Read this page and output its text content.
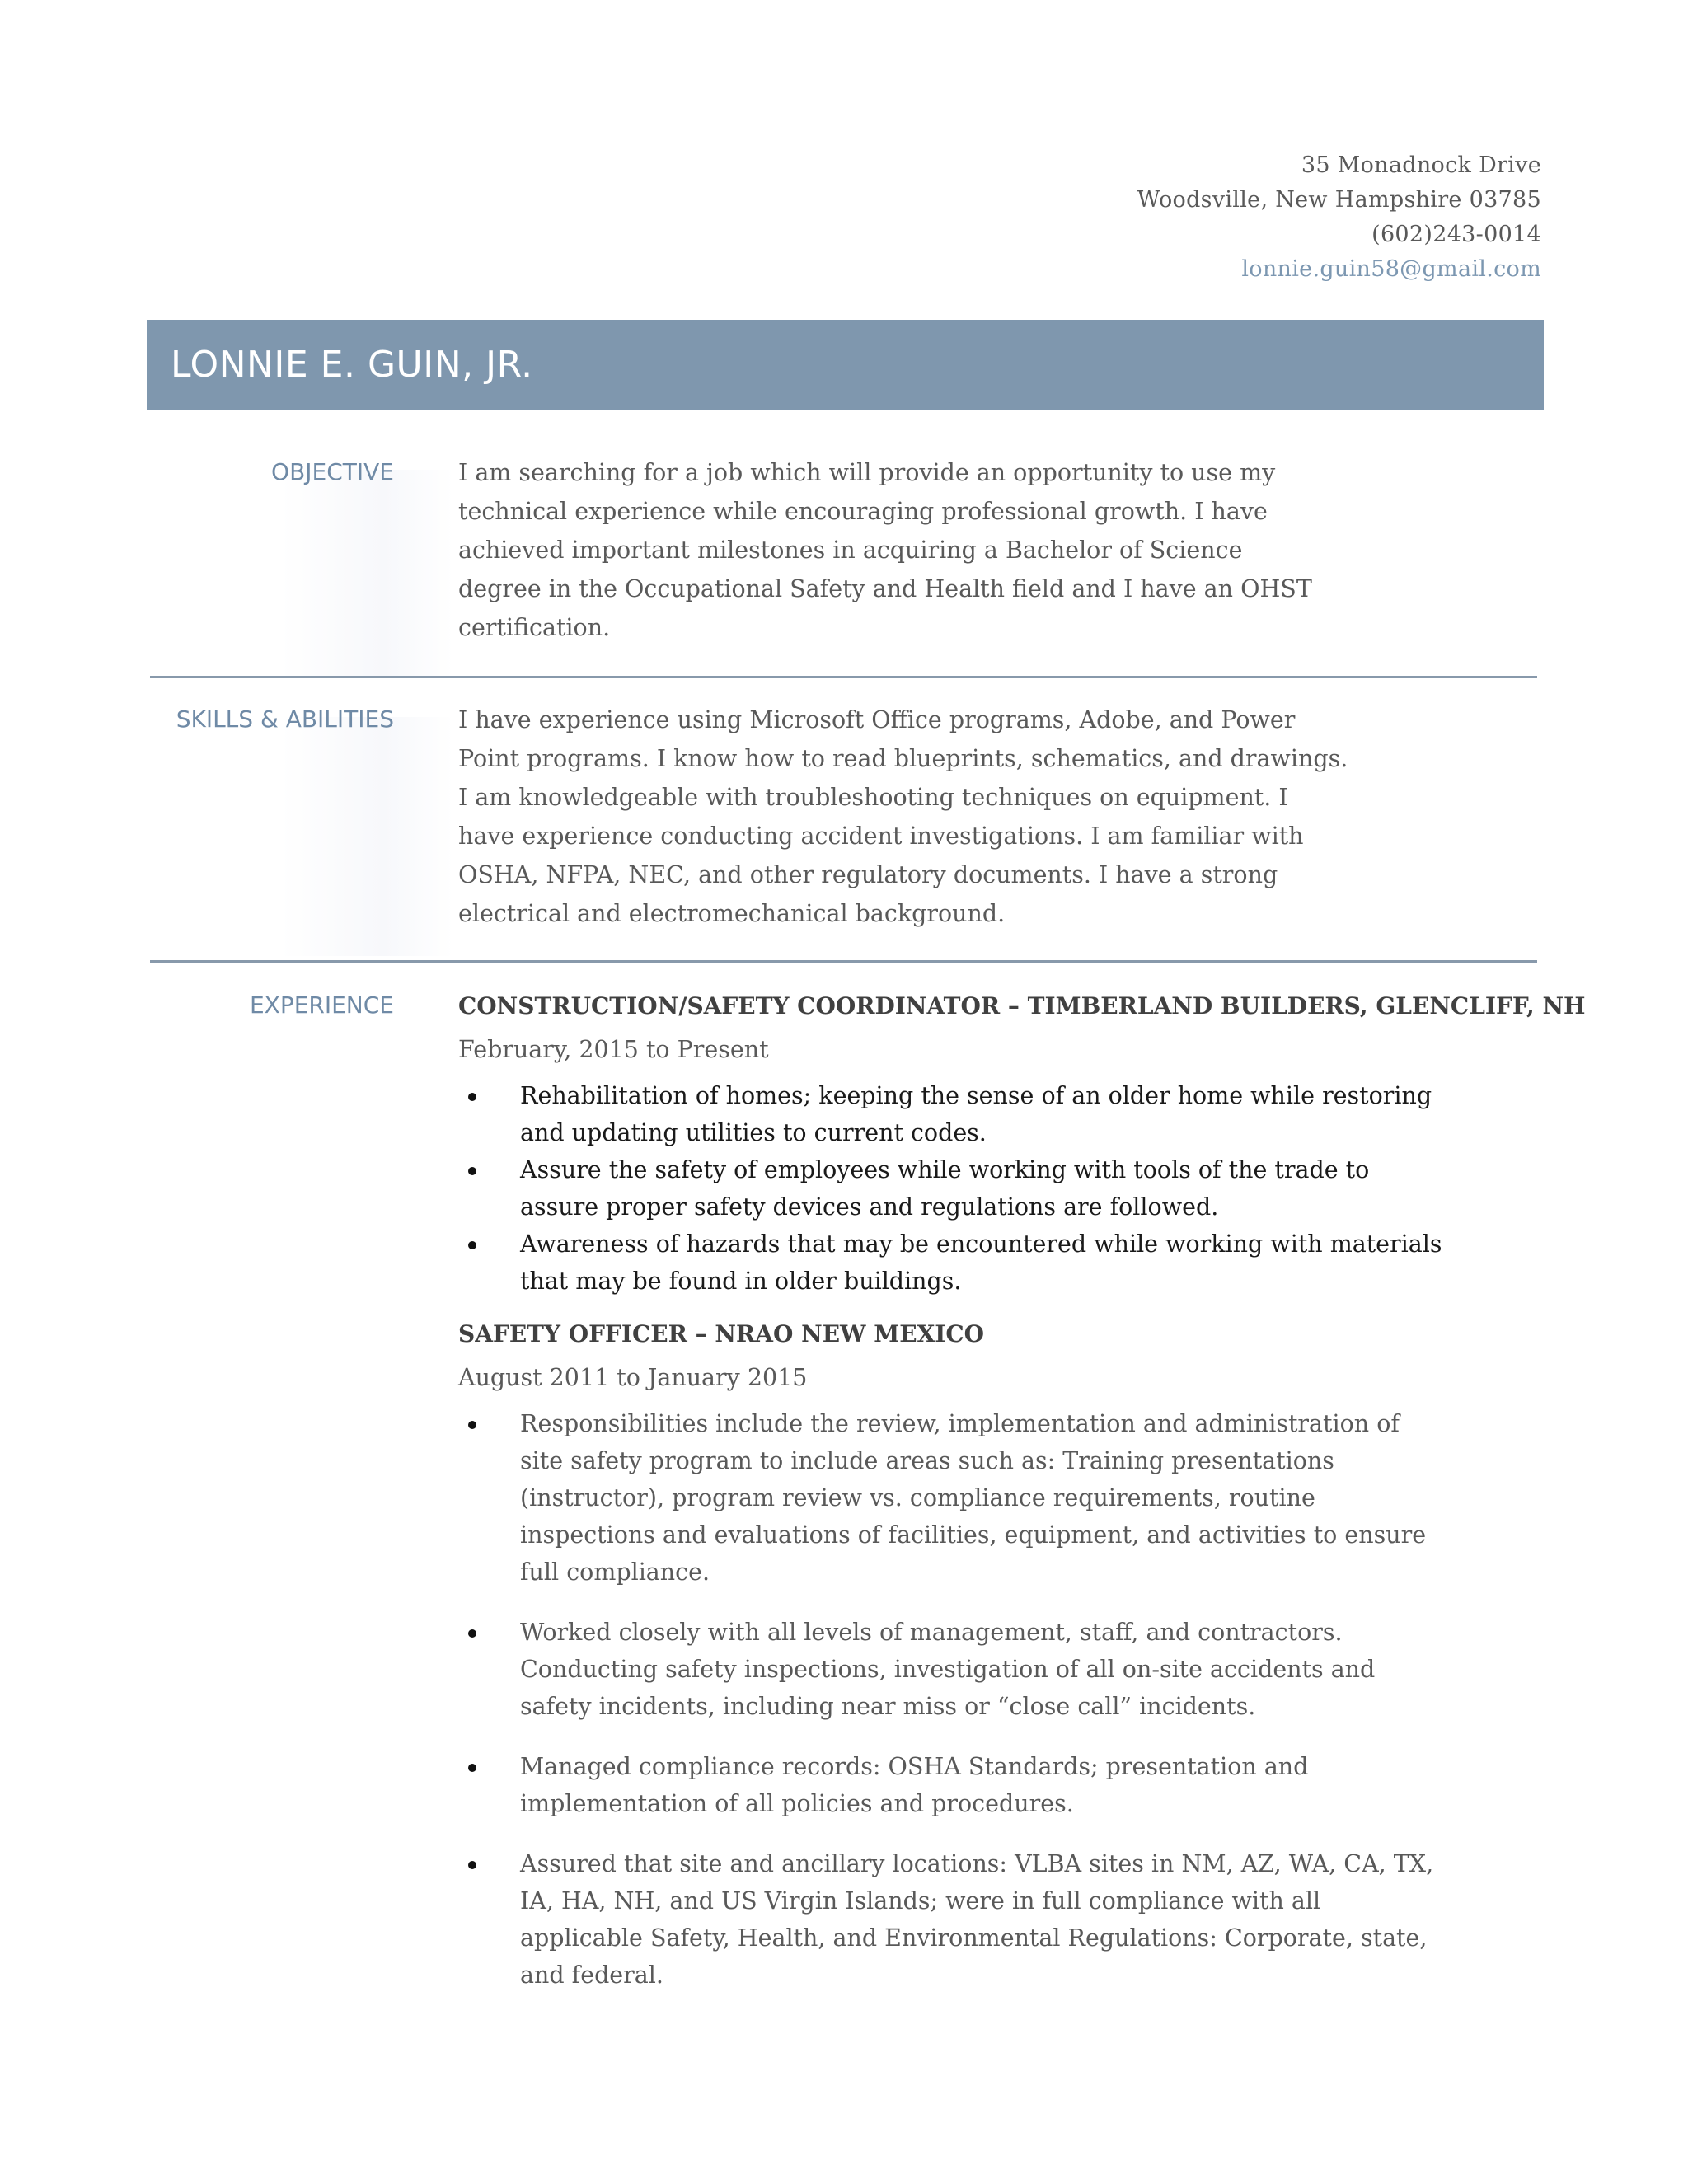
35 Monadnock Drive
Woodsville, New Hampshire 03785
(602)243-0014
lonnie.guin58@gmail.com
LONNIE E. GUIN, JR.
OBJECTIVE	I am searching for a job which will provide an opportunity to use my technical experience while encouraging professional growth. I have achieved important milestones in acquiring a Bachelor of Science degree in the Occupational Safety and Health field and I have an OHST certification.

SKILLS & ABILITIES	I have experience using Microsoft Office programs, Adobe, and Power Point programs. I know how to read blueprints, schematics, and drawings. I am knowledgeable with troubleshooting techniques on equipment. I have experience conducting accident investigations. I am familiar with OSHA, NFPA, NEC, and other regulatory documents. I have a strong electrical and electromechanical background.

EXPERIENCE	CONSTRUCTION/SAFETY COORDINATOR – TIMBERLAND BUILDERS, GLENCLIFF, NH
February, 2015 to Present
Rehabilitation of homes; keeping the sense of an older home while restoring and updating utilities to current codes.
Assure the safety of employees while working with tools of the trade to assure proper safety devices and regulations are followed.
Awareness of hazards that may be encountered while working with materials that may be found in older buildings.
SAFETY OFFICER – NRAO NEW MEXICO
August 2011 to January 2015
Responsibilities include the review, implementation and administration of site safety program to include areas such as: Training presentations (instructor), program review vs. compliance requirements, routine inspections and evaluations of facilities, equipment, and activities to ensure full compliance.
Worked closely with all levels of management, staff, and contractors. Conducting safety inspections, investigation of all on-site accidents and safety incidents, including near miss or “close call” incidents.
Managed compliance records: OSHA Standards; presentation and implementation of all policies and procedures.
Assured that site and ancillary locations: VLBA sites in NM, AZ, WA, CA, TX, IA, HA, NH, and US Virgin Islands; were in full compliance with all applicable Safety, Health, and Environmental Regulations: Corporate, state, and federal.
